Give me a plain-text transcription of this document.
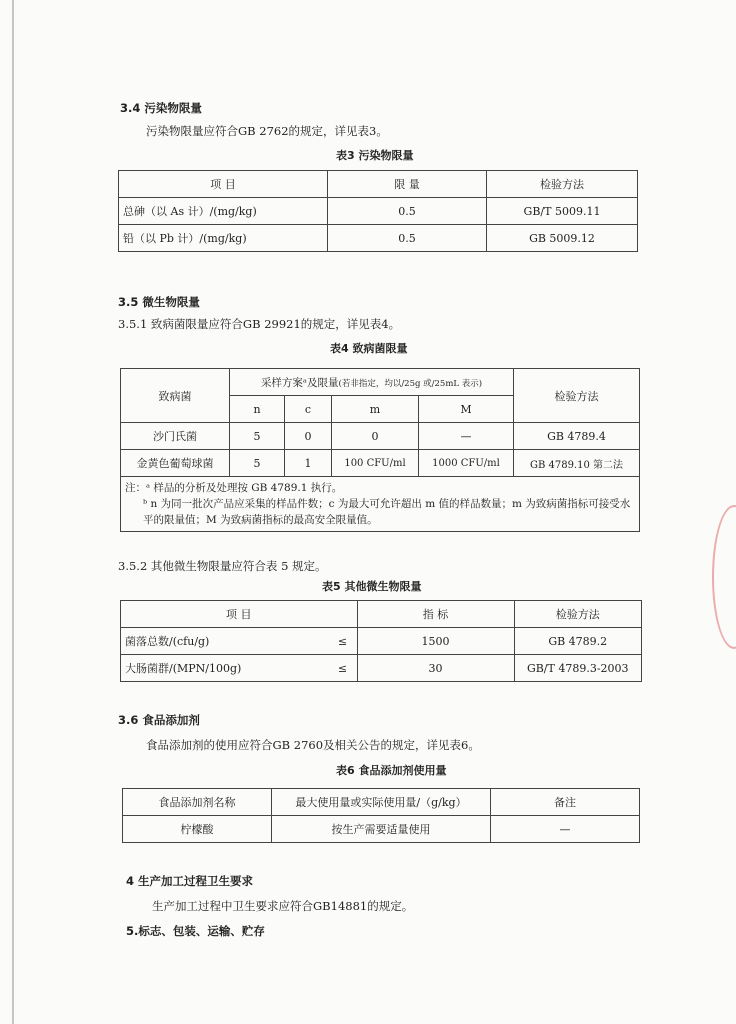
3.4 污染物限量
污染物限量应符合GB 2762的规定，详见表3。
表3 污染物限量
项 目	限 量	检验方法
总砷（以 As 计）/(mg/kg)	0.5	GB/T 5009.11
铅（以 Pb 计）/(mg/kg)	0.5	GB 5009.12
3.5 微生物限量
3.5.1 致病菌限量应符合GB 29921的规定，详见表4。
表4 致病菌限量
致病菌	采样方案ᵃ及限量(若非指定，均以/25g 或/25mL 表示)				检验方法
	n	c	m	M	
沙门氏菌	5	0	0	—	GB 4789.4
金黄色葡萄球菌	5	1	100 CFU/ml	1000 CFU/ml	GB 4789.10 第二法

注：ᵃ 样品的分析及处理按 GB 4789.1 执行。
ᵇ n 为同一批次产品应采集的样品件数；c 为最大可允许超出 m 值的样品数量；m 为致病菌指标可接受水平的限量值；M 为致病菌指标的最高安全限量值。					
3.5.2 其他微生物限量应符合表 5 规定。
表5 其他微生物限量
项 目		指 标	检验方法
菌落总数/(cfu/g)	≤	1500	GB 4789.2
大肠菌群/(MPN/100g)	≤	30	GB/T 4789.3-2003
3.6 食品添加剂
食品添加剂的使用应符合GB 2760及相关公告的规定，详见表6。
表6 食品添加剂使用量
食品添加剂名称	最大使用量或实际使用量/（g/kg）	备注
柠檬酸	按生产需要适量使用	—
4 生产加工过程卫生要求
生产加工过程中卫生要求应符合GB14881的规定。
5.标志、包装、运输、贮存
